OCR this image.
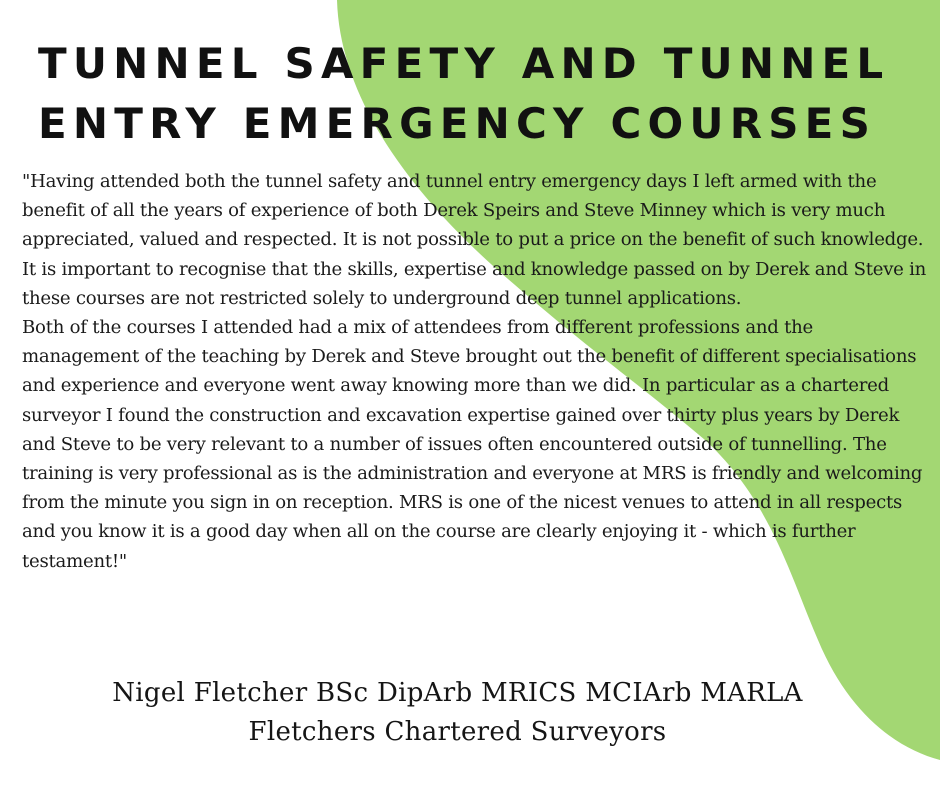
TUNNEL SAFETY AND TUNNEL
ENTRY EMERGENCY COURSES

"Having attended both the tunnel safety and tunnel entry emergency days I left armed with the benefit of all the years of experience of both Derek Speirs and Steve Minney which is very much appreciated, valued and respected. It is not possible to put a price on the benefit of such knowledge. It is important to recognise that the skills, expertise and knowledge passed on by Derek and Steve in these courses are not restricted solely to underground deep tunnel applications.

Both of the courses I attended had a mix of attendees from different professions and the management of the teaching by Derek and Steve brought out the benefit of different specialisations and experience and everyone went away knowing more than we did. In particular as a chartered surveyor I found the construction and excavation expertise gained over thirty plus years by Derek and Steve to be very relevant to a number of issues often encountered outside of tunnelling. The training is very professional as is the administration and everyone at MRS is friendly and welcoming from the minute you sign in on reception. MRS is one of the nicest venues to attend in all respects and you know it is a good day when all on the course are clearly enjoying it - which is further testament!"

Nigel Fletcher BSc DipArb MRICS MCIArb MARLA
Fletchers Chartered Surveyors
